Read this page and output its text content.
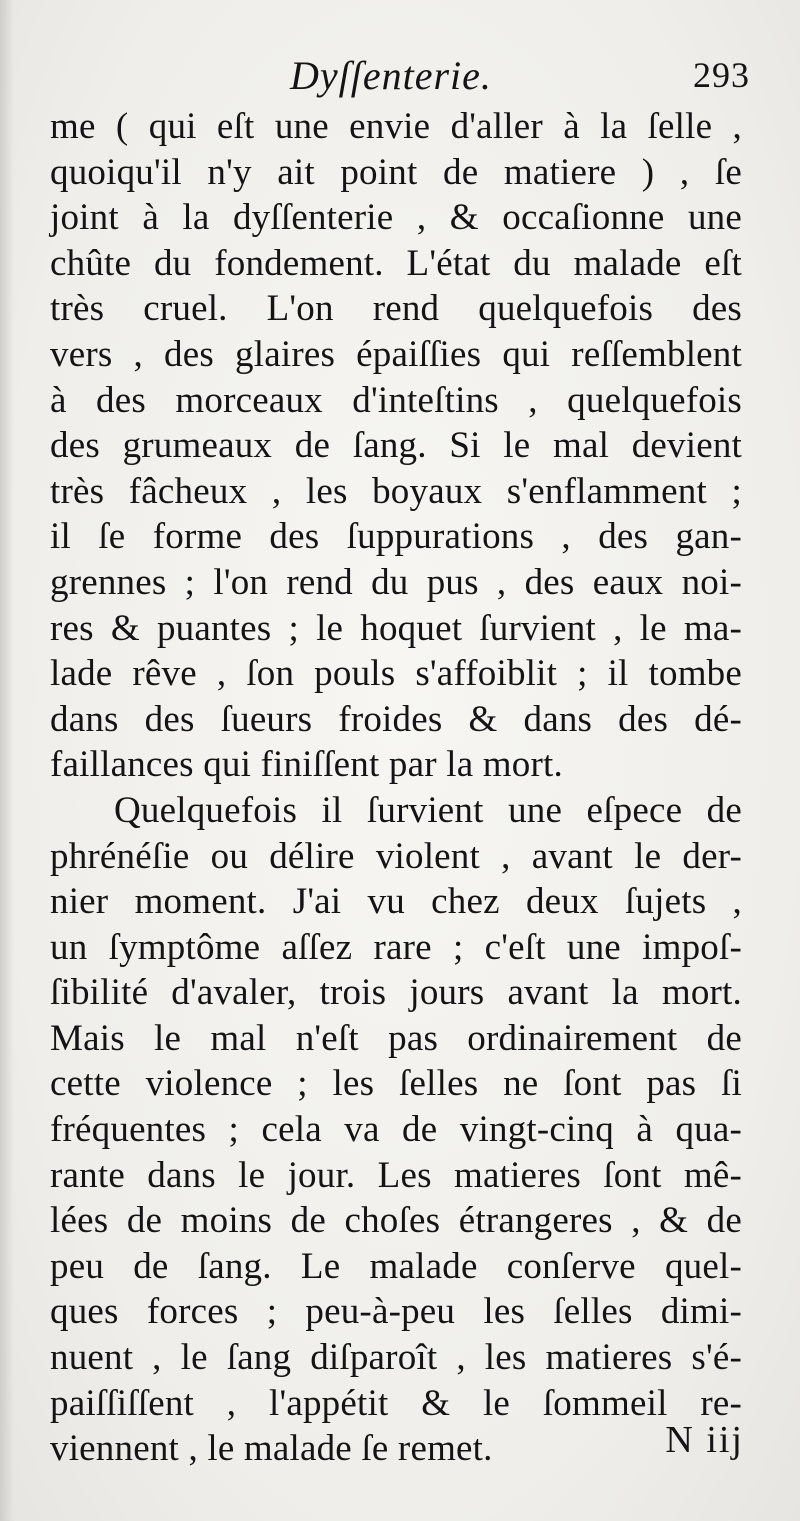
Dyſſenterie.	293
me ( qui eſt une envie d'aller à la ſelle ,
quoiqu'il n'y ait point de matiere ) , ſe
joint à la dyſſenterie , & occaſionne une
chûte du fondement. L'état du malade eſt
très cruel. L'on rend quelquefois des
vers , des glaires épaiſſies qui reſſemblent
à des morceaux d'inteſtins , quelquefois
des grumeaux de ſang. Si le mal devient
très fâcheux , les boyaux s'enflamment ;
il ſe forme des ſuppurations , des gan-
grennes ; l'on rend du pus , des eaux noi-
res & puantes ; le hoquet ſurvient , le ma-
lade rêve , ſon pouls s'affoiblit ; il tombe
dans des ſueurs froides & dans des dé-
faillances qui finiſſent par la mort.
Quelquefois il ſurvient une eſpece de
phrénéſie ou délire violent , avant le der-
nier moment. J'ai vu chez deux ſujets ,
un ſymptôme aſſez rare ; c'eſt une impoſ-
ſibilité d'avaler, trois jours avant la mort.
Mais le mal n'eſt pas ordinairement de
cette violence ; les ſelles ne ſont pas ſi
fréquentes ; cela va de vingt-cinq à qua-
rante dans le jour. Les matieres ſont mê-
lées de moins de choſes étrangeres , & de
peu de ſang. Le malade conſerve quel-
ques forces ; peu-à-peu les ſelles dimi-
nuent , le ſang diſparoît , les matieres s'é-
paiſſiſſent , l'appétit & le ſommeil re-
viennent , le malade ſe remet.	N iij
